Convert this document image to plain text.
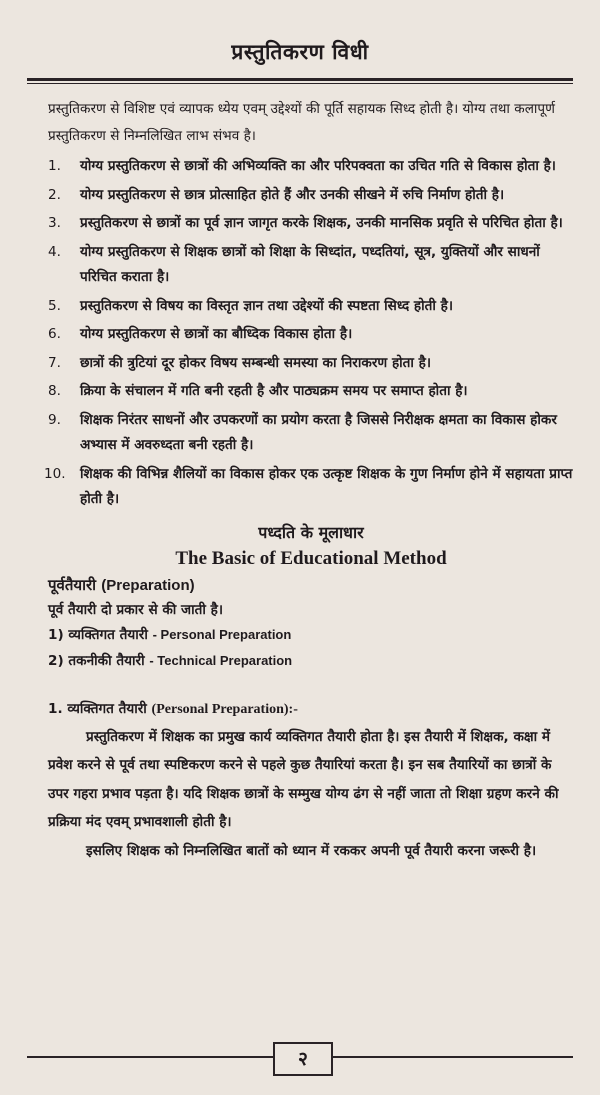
प्रस्तुतिकरण विधी

प्रस्तुतिकरण से विशिष्ट एवं व्यापक ध्येय एवम् उद्देश्यों की पूर्ति सहायक सिध्द होती है। योग्य तथा कलापूर्ण प्रस्तुतिकरण से निम्नलिखित लाभ संभव है।

1. योग्य प्रस्तुतिकरण से छात्रों की अभिव्यक्ति का और परिपक्वता का उचित गति से विकास होता है।
2. योग्य प्रस्तुतिकरण से छात्र प्रोत्साहित होते हैं और उनकी सीखने में रुचि निर्माण होती है।
3. प्रस्तुतिकरण से छात्रों का पूर्व ज्ञान जागृत करके शिक्षक, उनकी मानसिक प्रवृति से परिचित होता है।
4. योग्य प्रस्तुतिकरण से शिक्षक छात्रों को शिक्षा के सिध्दांत, पध्दतियां, सूत्र, युक्तियों और साधनों परिचित कराता है।
5. प्रस्तुतिकरण से विषय का विस्तृत ज्ञान तथा उद्देश्यों की स्पष्टता सिध्द होती है।
6. योग्य प्रस्तुतिकरण से छात्रों का बौध्दिक विकास होता है।
7. छात्रों की त्रुटियां दूर होकर विषय सम्बन्धी समस्या का निराकरण होता है।
8. क्रिया के संचालन में गति बनी रहती है और पाठ्यक्रम समय पर समाप्त होता है।
9. शिक्षक निरंतर साधनों और उपकरणों का प्रयोग करता है जिससे निरीक्षक क्षमता का विकास होकर अभ्यास में अवरुध्दता बनी रहती है।
10. शिक्षक की विभिन्न शैलियों का विकास होकर एक उत्कृष्ट शिक्षक के गुण निर्माण होने में सहायता प्राप्त होती है।
पध्दति के मूलाधार
The Basic of Educational Method
पूर्वतैयारी (Preparation)
पूर्व तैयारी दो प्रकार से की जाती है।
1) व्यक्तिगत तैयारी - Personal Preparation
2) तकनीकी तैयारी - Technical Preparation
1. व्यक्तिगत तैयारी (Personal Preparation):-

प्रस्तुतिकरण में शिक्षक का प्रमुख कार्य व्यक्तिगत तैयारी होता है। इस तैयारी में शिक्षक, कक्षा में प्रवेश करने से पूर्व तथा स्पष्टिकरण करने से पहले कुछ तैयारियां करता है। इन सब तैयारियों का छात्रों के उपर गहरा प्रभाव पड़ता है। यदि शिक्षक छात्रों के सम्मुख योग्य ढंग से नहीं जाता तो शिक्षा ग्रहण करने की प्रक्रिया मंद एवम् प्रभावशाली होती है।

इसलिए शिक्षक को निम्नलिखित बातों को ध्यान में रककर अपनी पूर्व तैयारी करना जरूरी है।

२
